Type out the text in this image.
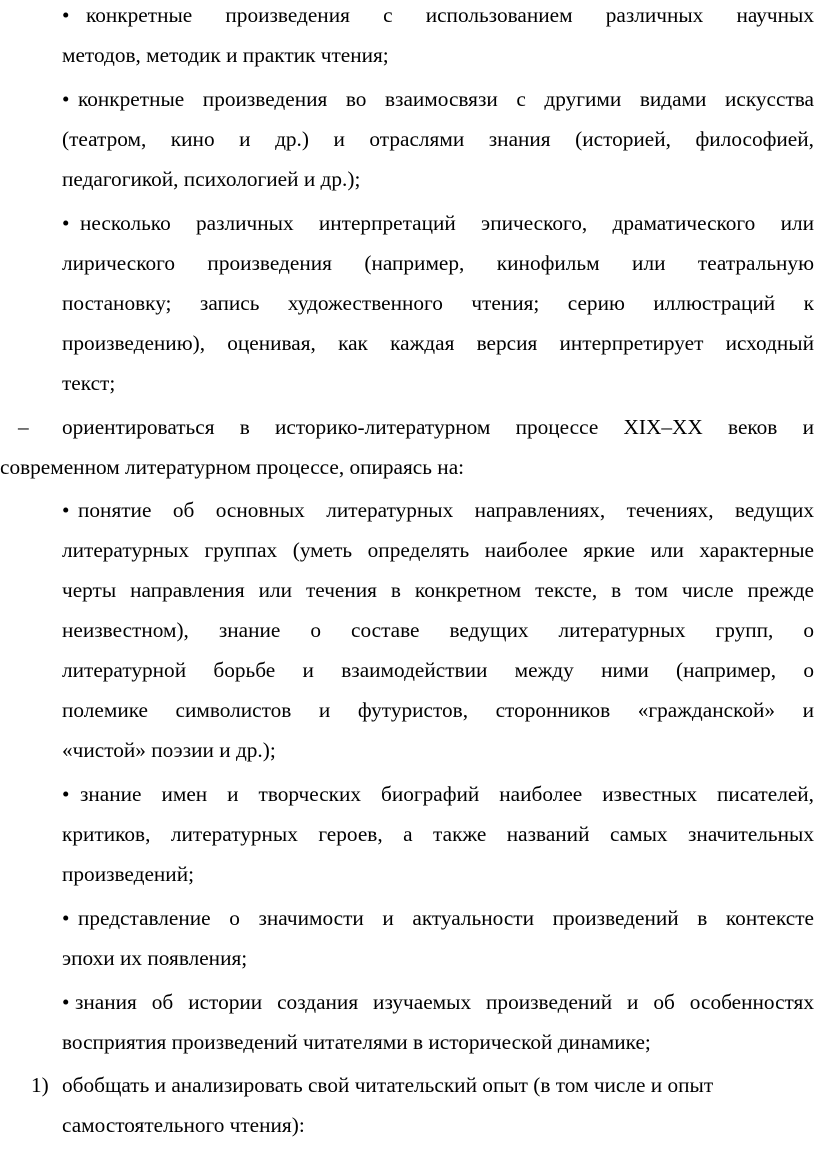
• конкретные произведения с использованием различных научных
методов, методик и практик чтения;
• конкретные произведения во взаимосвязи с другими видами искусства
(театром, кино и др.) и отраслями знания (историей, философией,
педагогикой, психологией и др.);
• несколько различных интерпретаций эпического, драматического или
лирического произведения (например, кинофильм или театральную
постановку; запись художественного чтения; серию иллюстраций к
произведению), оценивая, как каждая версия интерпретирует исходный
текст;
– ориентироваться в историко-литературном процессе XIX–XX веков и
современном литературном процессе, опираясь на:
• понятие об основных литературных направлениях, течениях, ведущих
литературных группах (уметь определять наиболее яркие или характерные
черты направления или течения в конкретном тексте, в том числе прежде
неизвестном), знание о составе ведущих литературных групп, о
литературной борьбе и взаимодействии между ними (например, о
полемике символистов и футуристов, сторонников «гражданской» и
«чистой» поэзии и др.);
• знание имен и творческих биографий наиболее известных писателей,
критиков, литературных героев, а также названий самых значительных
произведений;
• представление о значимости и актуальности произведений в контексте
эпохи их появления;
• знания об истории создания изучаемых произведений и об особенностях
восприятия произведений читателями в исторической динамике;
1) обобщать и анализировать свой читательский опыт (в том числе и опыт
самостоятельного чтения):
